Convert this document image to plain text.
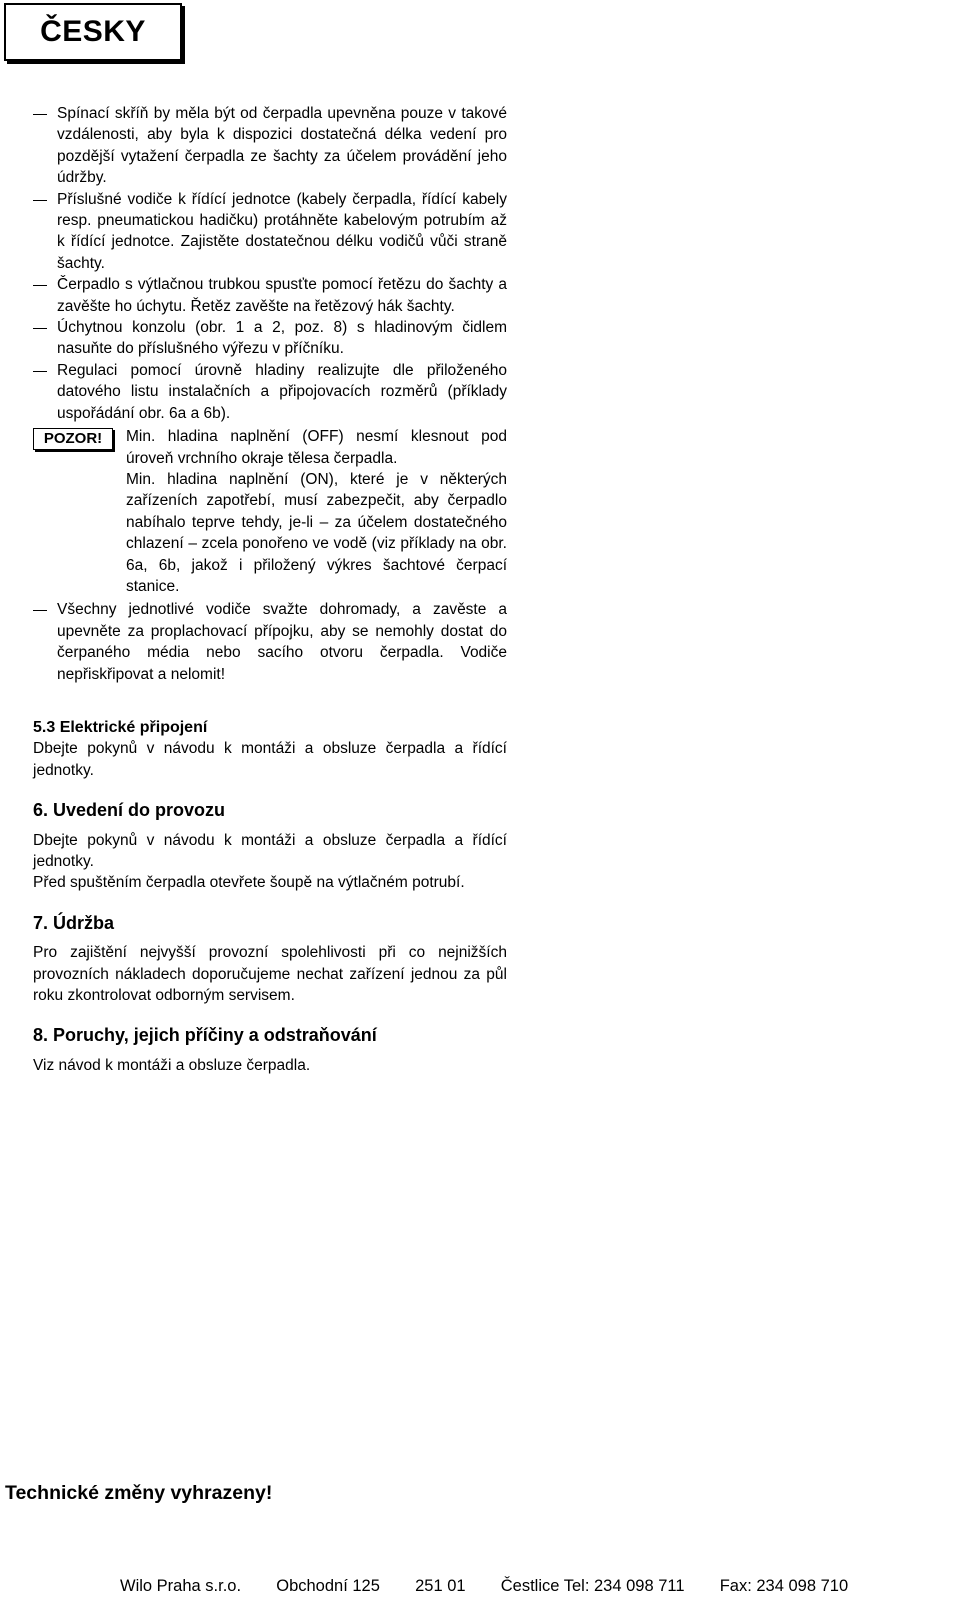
ČESKY
Spínací skříň by měla být od čerpadla upevněna pouze v takové vzdálenosti, aby byla k dispozici dostatečná délka vedení pro pozdější vytažení čerpadla ze šachty za účelem provádění jeho údržby.
Příslušné vodiče k řídící jednotce (kabely čerpadla, řídící kabely resp. pneumatickou hadičku) protáhněte kabelovým potrubím až k řídící jednotce. Zajistěte dostatečnou délku vodičů vůči straně šachty.
Čerpadlo s výtlačnou trubkou spusťte pomocí řetězu do šachty a zavěšte ho úchytu. Řetěz zavěšte na řetězový hák šachty.
Úchytnou konzolu (obr. 1 a 2, poz. 8) s hladinovým čidlem nasuňte do příslušného výřezu v příčníku.
Regulaci pomocí úrovně hladiny realizujte dle přiloženého datového listu instalačních a připojovacích rozměrů (příklady uspořádání obr. 6a a 6b).
POZOR!	Min. hladina naplnění (OFF) nesmí klesnout pod úroveň vrchního okraje tělesa čerpadla.

Min. hladina naplnění (ON), které je v některých zařízeních zapotřebí, musí zabezpečit, aby čerpadlo nabíhalo teprve tehdy, je-li – za účelem dostatečného chlazení – zcela ponořeno ve vodě (viz příklady na obr. 6a, 6b, jakož i přiložený výkres šachtové čerpací stanice.

Všechny jednotlivé vodiče svažte dohromady, a zavěste a upevněte za proplachovací přípojku, aby se nemohly dostat do čerpaného média nebo sacího otvoru čerpadla. Vodiče nepřiskřipovat a nelomit!

5.3 Elektrické připojení

Dbejte pokynů v návodu k montáži a obsluze čerpadla a řídící jednotky.

6. Uvedení do provozu

Dbejte pokynů v návodu k montáži a obsluze čerpadla a řídící jednotky.

Před spuštěním čerpadla otevřete šoupě na výtlačném potrubí.

7. Údržba

Pro zajištění nejvyšší provozní spolehlivosti při co nejnižších provozních nákladech doporučujeme nechat zařízení jednou za půl roku zkontrolovat odborným servisem.

8. Poruchy, jejich příčiny a odstraňování

Viz návod k montáži a obsluze čerpadla.

Technické změny vyhrazeny!
Wilo Praha s.r.o. Obchodní 125 251 01 Čestlice Tel: 234 098 711 Fax: 234 098 710
